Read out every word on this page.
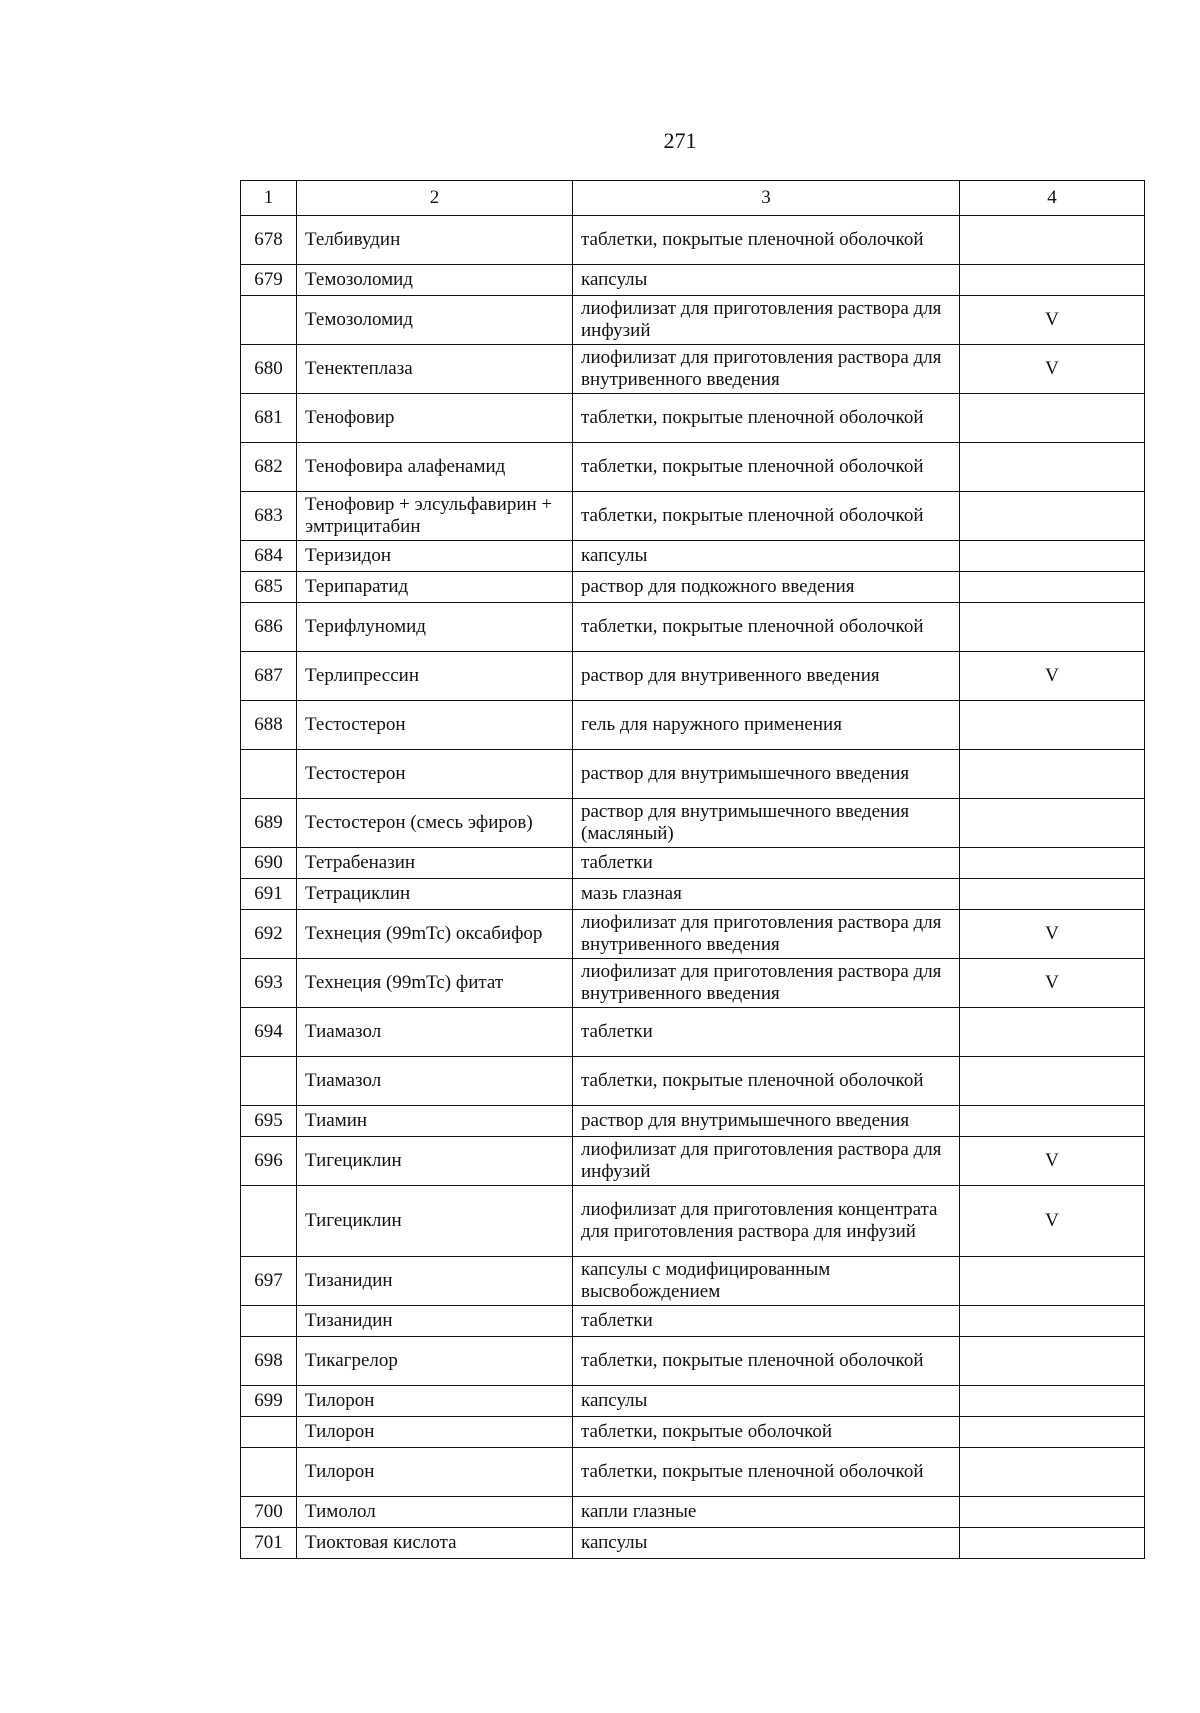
271
1	2	3	4
678	Телбивудин	таблетки, покрытые пленочной оболочкой	
679	Темозоломид	капсулы	
	Темозоломид	лиофилизат для приготовления раствора для инфузий	V
680	Тенектеплаза	лиофилизат для приготовления раствора для внутривенного введения	V
681	Тенофовир	таблетки, покрытые пленочной оболочкой	
682	Тенофовира алафенамид	таблетки, покрытые пленочной оболочкой	
683	Тенофовир + элсульфавирин + эмтрицитабин	таблетки, покрытые пленочной оболочкой	
684	Теризидон	капсулы	
685	Терипаратид	раствор для подкожного введения	
686	Терифлуномид	таблетки, покрытые пленочной оболочкой	
687	Терлипрессин	раствор для внутривенного введения	V
688	Тестостерон	гель для наружного применения	
	Тестостерон	раствор для внутримышечного введения	
689	Тестостерон (смесь эфиров)	раствор для внутримышечного введения (масляный)	
690	Тетрабеназин	таблетки	
691	Тетрациклин	мазь глазная	
692	Технеция (99mTc) оксабифор	лиофилизат для приготовления раствора для внутривенного введения	V
693	Технеция (99mTc) фитат	лиофилизат для приготовления раствора для внутривенного введения	V
694	Тиамазол	таблетки	
	Тиамазол	таблетки, покрытые пленочной оболочкой	
695	Тиамин	раствор для внутримышечного введения	
696	Тигециклин	лиофилизат для приготовления раствора для инфузий	V
	Тигециклин	лиофилизат для приготовления концентрата для приготовления раствора для инфузий	V
697	Тизанидин	капсулы с модифицированным высвобождением	
	Тизанидин	таблетки	
698	Тикагрелор	таблетки, покрытые пленочной оболочкой	
699	Тилорон	капсулы	
	Тилорон	таблетки, покрытые оболочкой	
	Тилорон	таблетки, покрытые пленочной оболочкой	
700	Тимолол	капли глазные	
701	Тиоктовая кислота	капсулы	
